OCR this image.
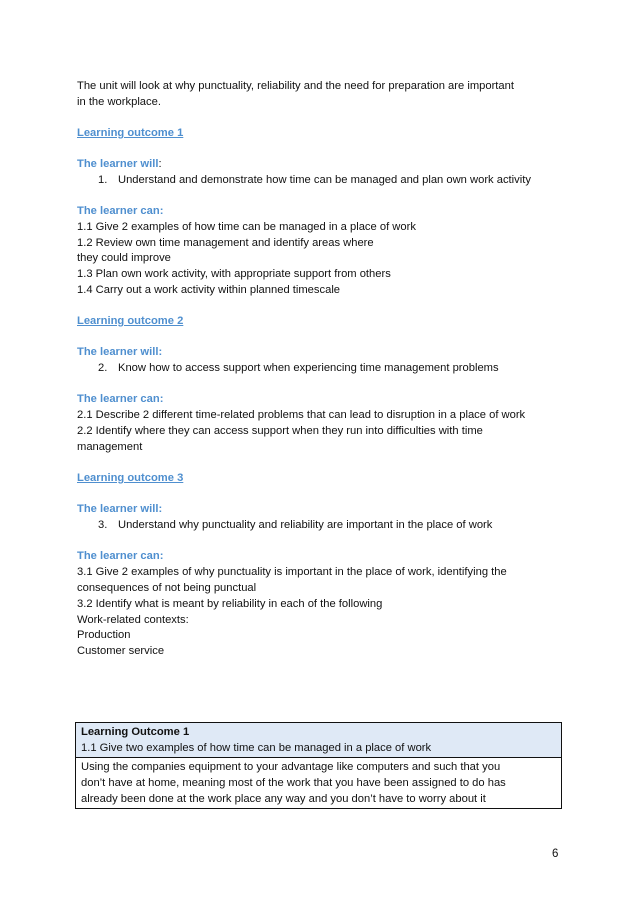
The unit will look at why punctuality, reliability and the need for preparation are important
in the workplace.
Learning outcome 1
The learner will:
1. Understand and demonstrate how time can be managed and plan own work activity
The learner can:
1.1 Give 2 examples of how time can be managed in a place of work
1.2 Review own time management and identify areas where
they could improve
1.3 Plan own work activity, with appropriate support from others
1.4 Carry out a work activity within planned timescale
Learning outcome 2
The learner will:
2. Know how to access support when experiencing time management problems
The learner can:
2.1 Describe 2 different time-related problems that can lead to disruption in a place of work
2.2 Identify where they can access support when they run into difficulties with time
management
Learning outcome 3
The learner will:
3. Understand why punctuality and reliability are important in the place of work
The learner can:
3.1 Give 2 examples of why punctuality is important in the place of work, identifying the
consequences of not being punctual
3.2 Identify what is meant by reliability in each of the following
Work-related contexts:
Production
Customer service
Learning Outcome 1
1.1 Give two examples of how time can be managed in a place of work

Using the companies equipment to your advantage like computers and such that you
don’t have at home, meaning most of the work that you have been assigned to do has
already been done at the work place any way and you don’t have to worry about it
6
